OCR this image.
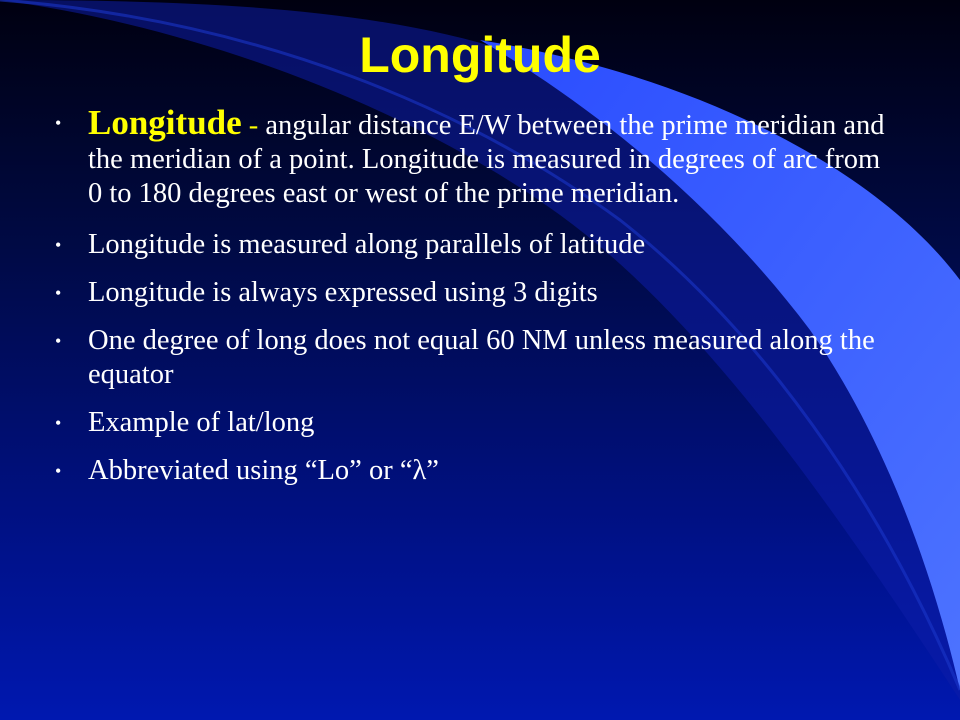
Longitude
• Longitude - angular distance E/W between the prime meridian and the meridian of a point. Longitude is measured in degrees of arc from 0 to 180 degrees east or west of the prime meridian.
• Longitude is measured along parallels of latitude
• Longitude is always expressed using 3 digits
• One degree of long does not equal 60 NM unless measured along the equator
• Example of lat/long
• Abbreviated using “Lo” or “λ”
